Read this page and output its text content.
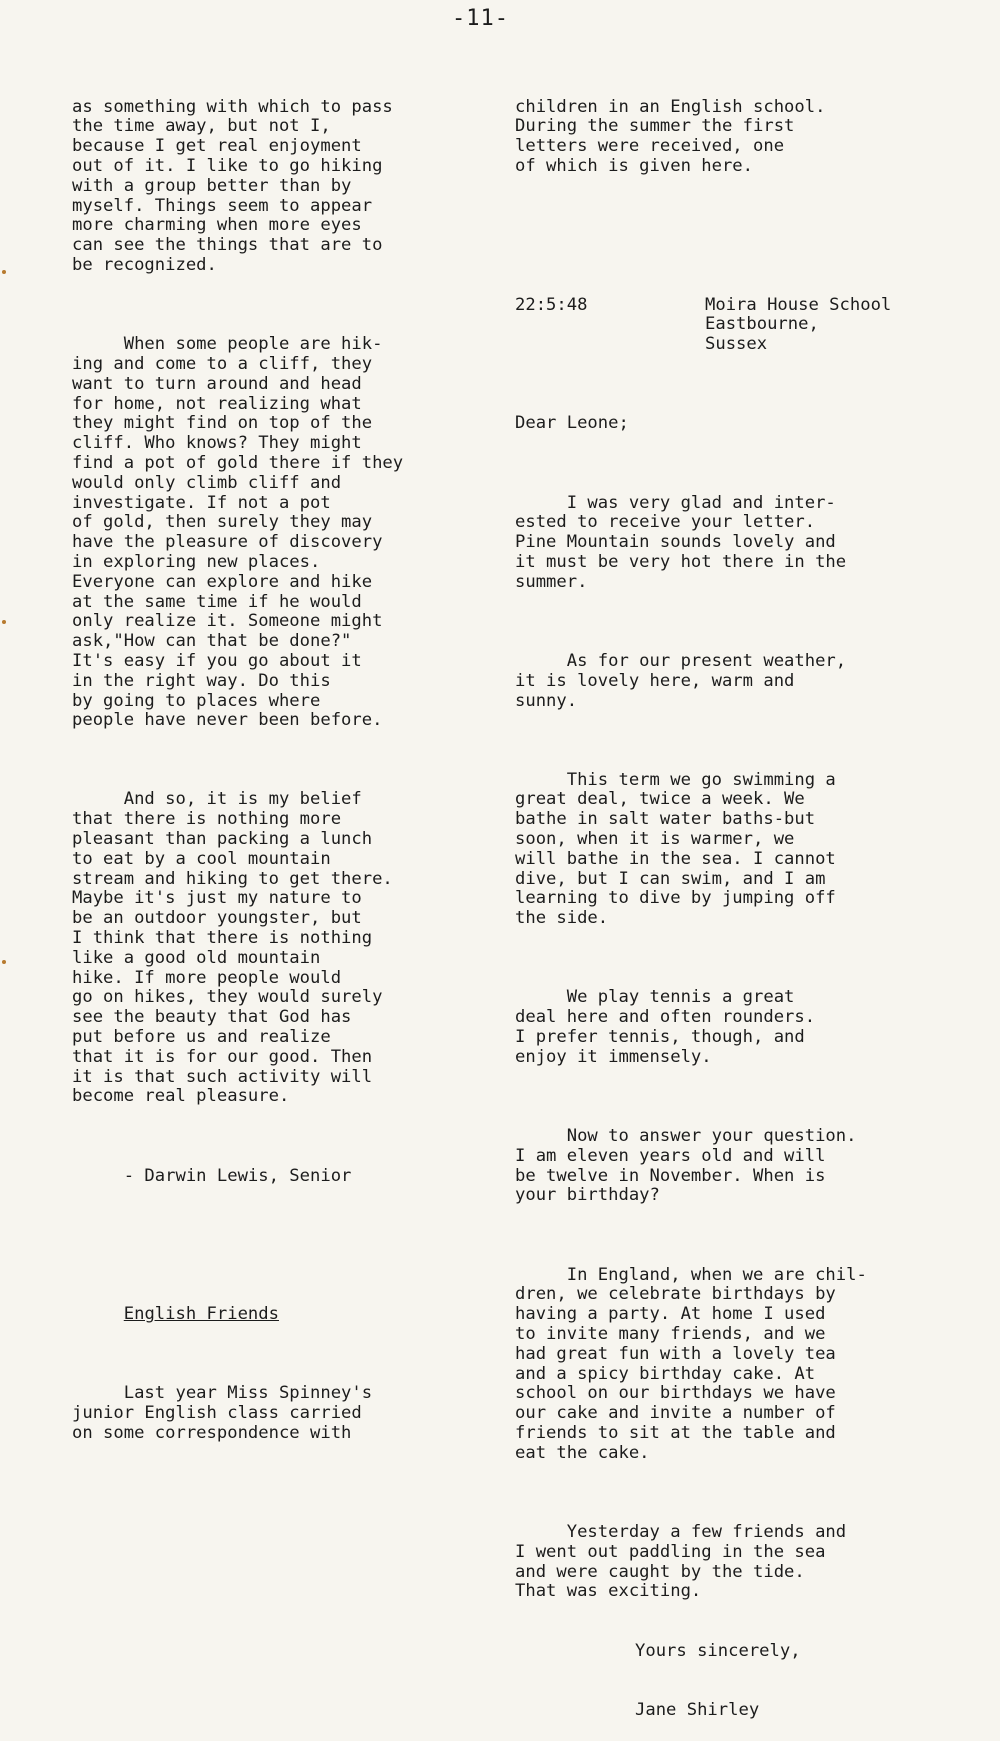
-11-

as something with which to pass
the time away, but not I,
because I get real enjoyment
out of it. I like to go hiking
with a group better than by
myself. Things seem to appear
more charming when more eyes
can see the things that are to
be recognized.

When some people are hik-
ing and come to a cliff, they
want to turn around and head
for home, not realizing what
they might find on top of the
cliff. Who knows? They might
find a pot of gold there if they
would only climb cliff and
investigate. If not a pot
of gold, then surely they may
have the pleasure of discovery
in exploring new places.
Everyone can explore and hike
at the same time if he would
only realize it. Someone might
ask,"How can that be done?"
It's easy if you go about it
in the right way. Do this
by going to places where
people have never been before.

And so, it is my belief
that there is nothing more
pleasant than packing a lunch
to eat by a cool mountain
stream and hiking to get there.
Maybe it's just my nature to
be an outdoor youngster, but
I think that there is nothing
like a good old mountain
hike. If more people would
go on hikes, they would surely
see the beauty that God has
put before us and realize
that it is for our good. Then
it is that such activity will
become real pleasure.

- Darwin Lewis, Senior

English Friends

Last year Miss Spinney's
junior English class carried
on some correspondence with

children in an English school.
During the summer the first
letters were received, one
of which is given here.

22:5:48

	Moira House School
Eastbourne,
Sussex

Dear Leone;

I was very glad and inter-
ested to receive your letter.
Pine Mountain sounds lovely and
it must be very hot there in the
summer.

As for our present weather,
it is lovely here, warm and
sunny.

This term we go swimming a
great deal, twice a week. We
bathe in salt water baths-but
soon, when it is warmer, we
will bathe in the sea. I cannot
dive, but I can swim, and I am
learning to dive by jumping off
the side.

We play tennis a great
deal here and often rounders.
I prefer tennis, though, and
enjoy it immensely.

Now to answer your question.
I am eleven years old and will
be twelve in November. When is
your birthday?

In England, when we are chil-
dren, we celebrate birthdays by
having a party. At home I used
to invite many friends, and we
had great fun with a lovely tea
and a spicy birthday cake. At
school on our birthdays we have
our cake and invite a number of
friends to sit at the table and
eat the cake.

Yesterday a few friends and
I went out paddling in the sea
and were caught by the tide.
That was exciting.

Yours sincerely,

Jane Shirley
